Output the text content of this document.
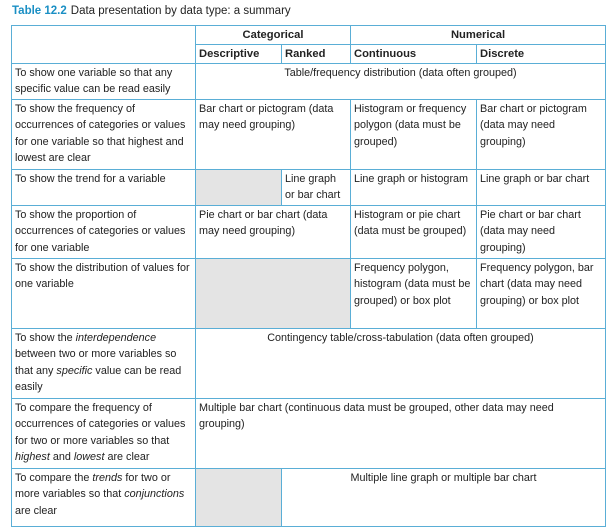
Table 12.2 Data presentation by data type: a summary
	Categorical		Numerical	
	Descriptive	Ranked	Continuous	Discrete
To show one variable so that any specific value can be read easily	Table/frequency distribution (data often grouped)			
To show the frequency of occurrences of categories or values for one variable so that highest and lowest are clear	Bar chart or pictogram (data may need grouping)		Histogram or frequency polygon (data must be grouped)	Bar chart or pictogram (data may need grouping)
To show the trend for a variable		Line graph or bar chart	Line graph or histogram	Line graph or bar chart
To show the proportion of occurrences of categories or values for one variable	Pie chart or bar chart (data may need grouping)		Histogram or pie chart (data must be grouped)	Pie chart or bar chart (data may need grouping)
To show the distribution of values for one variable			Frequency polygon, histogram (data must be grouped) or box plot	Frequency polygon, bar chart (data may need grouping) or box plot
To show the interdependence between two or more variables so that any specific value can be read easily	Contingency table/cross-tabulation (data often grouped)			
To compare the frequency of occurrences of categories or values for two or more variables so that highest and lowest are clear	Multiple bar chart (continuous data must be grouped, other data may need grouping)			
To compare the trends for two or more variables so that conjunctions are clear		Multiple line graph or multiple bar chart		
